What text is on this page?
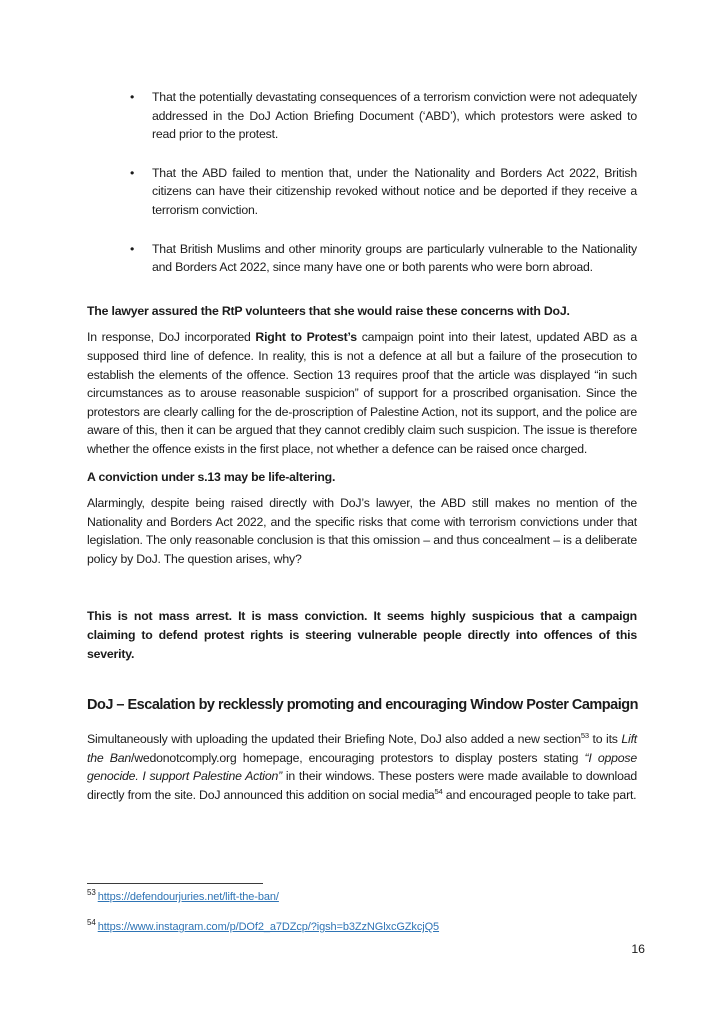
• That the potentially devastating consequences of a terrorism conviction were not adequately addressed in the DoJ Action Briefing Document (‘ABD’), which protestors were asked to read prior to the protest.
• That the ABD failed to mention that, under the Nationality and Borders Act 2022, British citizens can have their citizenship revoked without notice and be deported if they receive a terrorism conviction.
• That British Muslims and other minority groups are particularly vulnerable to the Nationality and Borders Act 2022, since many have one or both parents who were born abroad.

The lawyer assured the RtP volunteers that she would raise these concerns with DoJ.

In response, DoJ incorporated Right to Protest’s campaign point into their latest, updated ABD as a supposed third line of defence. In reality, this is not a defence at all but a failure of the prosecution to establish the elements of the offence. Section 13 requires proof that the article was displayed “in such circumstances as to arouse reasonable suspicion” of support for a proscribed organisation. Since the protestors are clearly calling for the de-proscription of Palestine Action, not its support, and the police are aware of this, then it can be argued that they cannot credibly claim such suspicion. The issue is therefore whether the offence exists in the first place, not whether a defence can be raised once charged.

A conviction under s.13 may be life-altering.

Alarmingly, despite being raised directly with DoJ’s lawyer, the ABD still makes no mention of the Nationality and Borders Act 2022, and the specific risks that come with terrorism convictions under that legislation. The only reasonable conclusion is that this omission – and thus concealment – is a deliberate policy by DoJ. The question arises, why?

This is not mass arrest. It is mass conviction. It seems highly suspicious that a campaign claiming to defend protest rights is steering vulnerable people directly into offences of this severity.

DoJ – Escalation by recklessly promoting and encouraging Window Poster Campaign

Simultaneously with uploading the updated their Briefing Note, DoJ also added a new section$^{53}$ to its Lift the Ban/wedonotcomply.org homepage, encouraging protestors to display posters stating “I oppose genocide. I support Palestine Action” in their windows. These posters were made available to download directly from the site. DoJ announced this addition on social media$^{54}$ and encouraged people to take part.

$^{53}$ https://defendourjuries.net/lift-the-ban/
$^{54}$ https://www.instagram.com/p/DOf2_a7DZcp/?igsh=b3ZzNGlxcGZkcjQ5
16
